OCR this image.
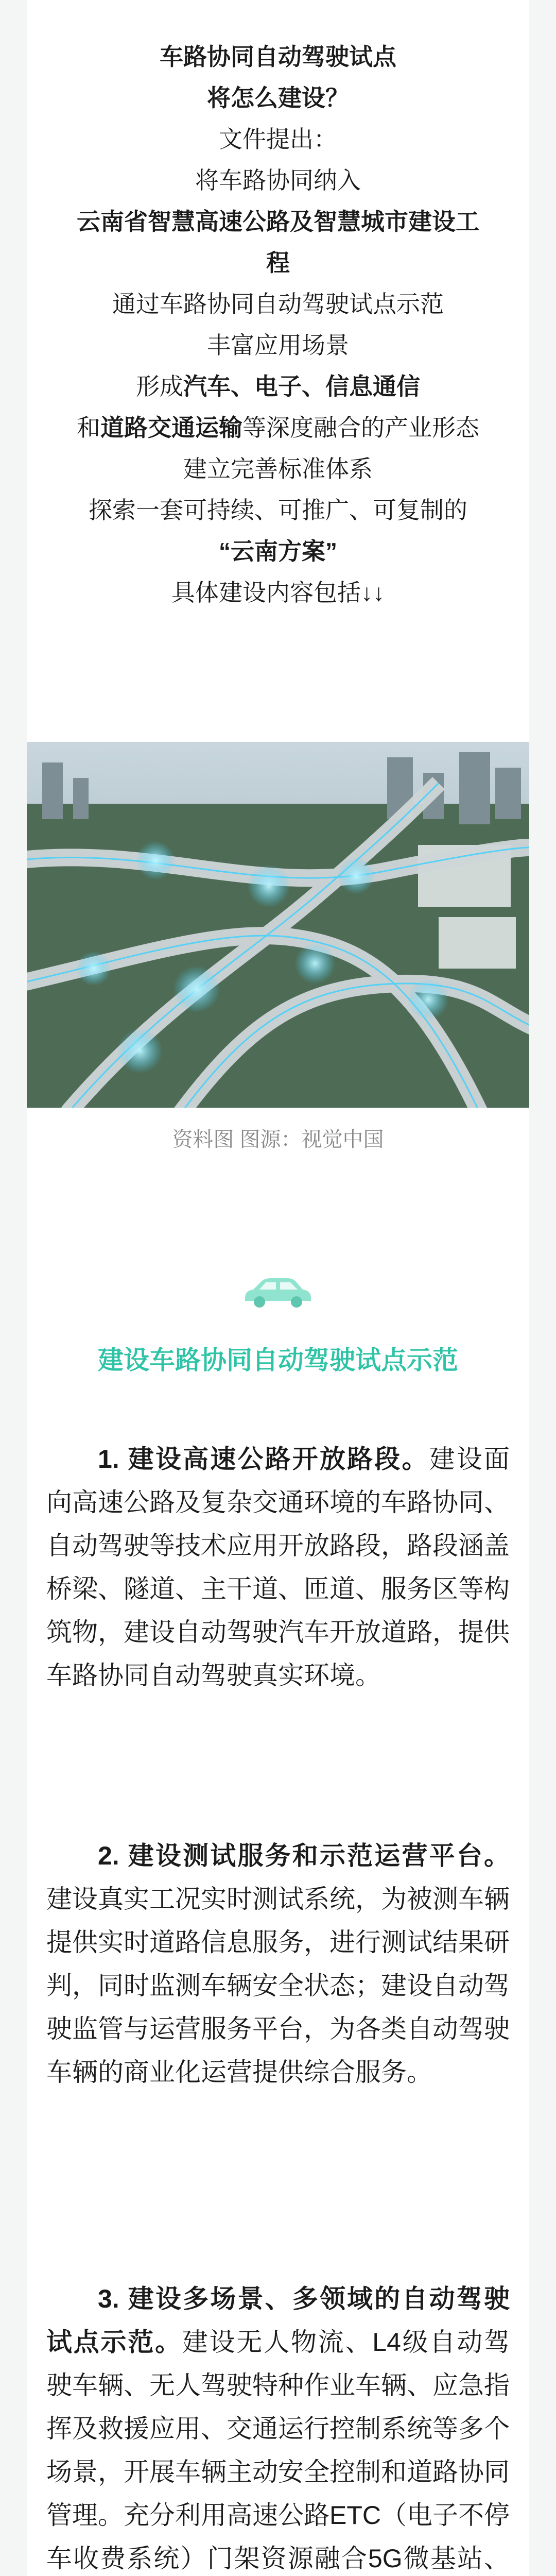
车路协同自动驾驶试点

将怎么建设？

文件提出：

将车路协同纳入

云南省智慧高速公路及智慧城市建设工

程

通过车路协同自动驾驶试点示范

丰富应用场景

形成汽车、电子、信息通信

和道路交通运输等深度融合的产业形态

建立完善标准体系

探索一套可持续、可推广、可复制的

“云南方案”

具体建设内容包括↓↓

资料图 图源：视觉中国
建设车路协同自动驾驶试点示范

1. 建设高速公路开放路段。建设面向高速公路及复杂交通环境的车路协同、自动驾驶等技术应用开放路段，路段涵盖桥梁、隧道、主干道、匝道、服务区等构筑物，建设自动驾驶汽车开放道路，提供车路协同自动驾驶真实环境。

2. 建设测试服务和示范运营平台。建设真实工况实时测试系统，为被测车辆提供实时道路信息服务，进行测试结果研判，同时监测车辆安全状态；建设自动驾驶监管与运营服务平台，为各类自动驾驶车辆的商业化运营提供综合服务。

3. 建设多场景、多领域的自动驾驶试点示范。建设无人物流、L4级自动驾驶车辆、无人驾驶特种作业车辆、应急指挥及救援应用、交通运行控制系统等多个场景，开展车辆主动安全控制和道路协同管理。充分利用高速公路ETC（电子不停车收费系统）门架资源融合5G微基站、
